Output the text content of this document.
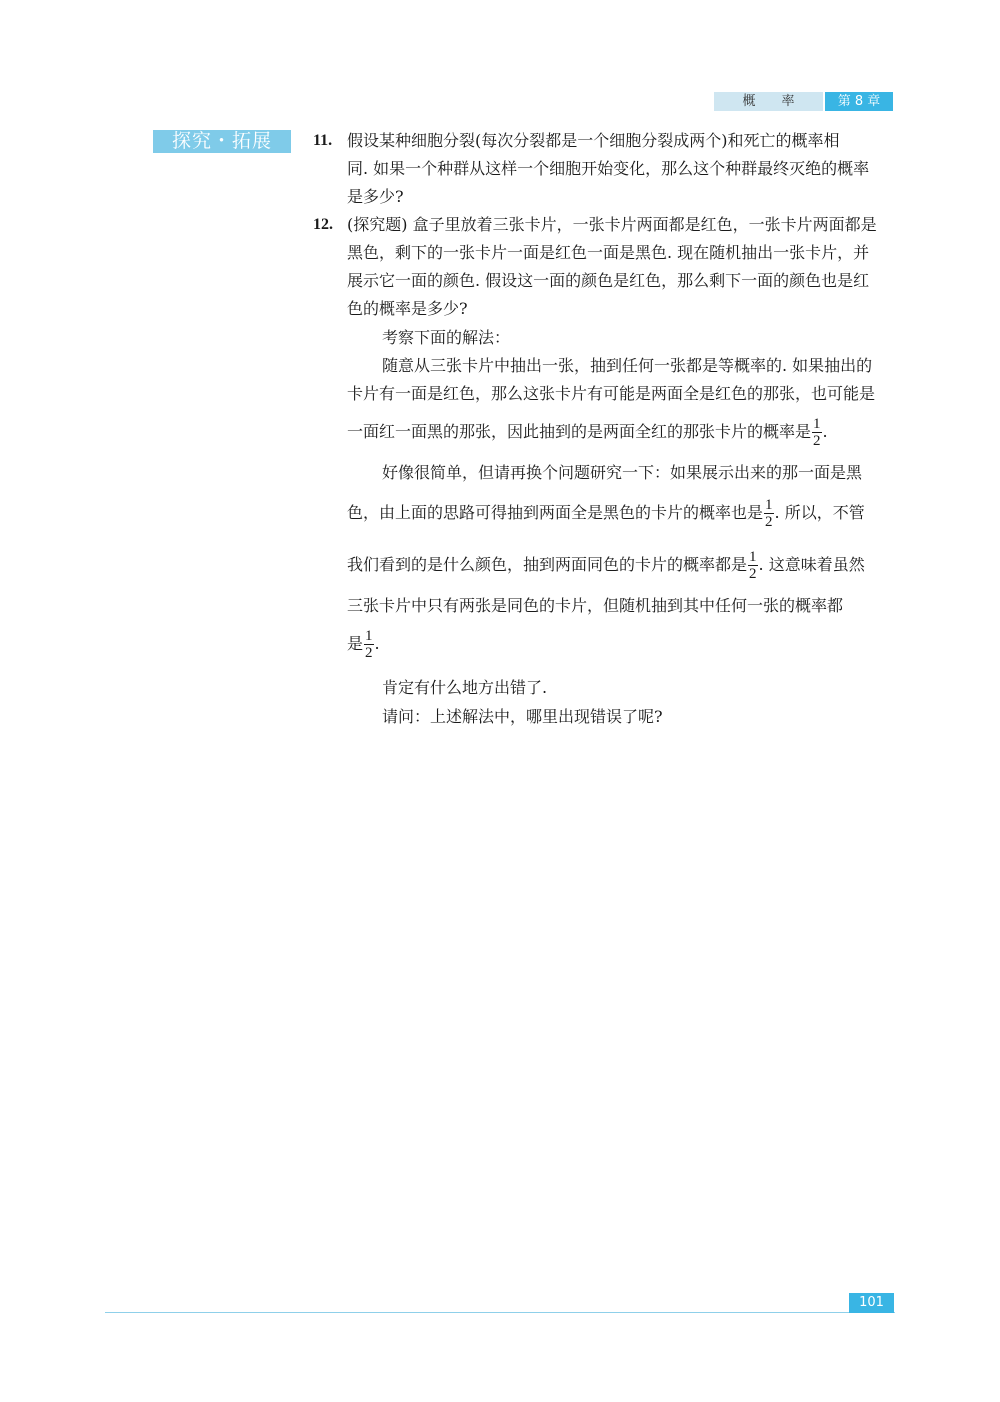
概　　率	第 8 章
探究・拓展	11. 假设某种细胞分裂(每次分裂都是一个细胞分裂成两个)和死亡的概率相
同. 如果一个种群从这样一个细胞开始变化，那么这个种群最终灭绝的概率
是多少?
12. (探究题) 盒子里放着三张卡片，一张卡片两面都是红色，一张卡片两面都是
黑色，剩下的一张卡片一面是红色一面是黑色. 现在随机抽出一张卡片，并
展示它一面的颜色. 假设这一面的颜色是红色，那么剩下一面的颜色也是红
色的概率是多少?
考察下面的解法：
随意从三张卡片中抽出一张，抽到任何一张都是等概率的. 如果抽出的
卡片有一面是红色，那么这张卡片有可能是两面全是红色的那张，也可能是
一面红一面黑的那张，因此抽到的是两面全红的那张卡片的概率是 $\frac{1}{2}$ .
好像很简单，但请再换个问题研究一下：如果展示出来的那一面是黑
色，由上面的思路可得抽到两面全是黑色的卡片的概率也是 $\frac{1}{2}$ . 所以，不管
我们看到的是什么颜色，抽到两面同色的卡片的概率都是 $\frac{1}{2}$ . 这意味着虽然
三张卡片中只有两张是同色的卡片，但随机抽到其中任何一张的概率都
是 $\frac{1}{2}$ .
肯定有什么地方出错了.
请问：上述解法中，哪里出现错误了呢?
101
